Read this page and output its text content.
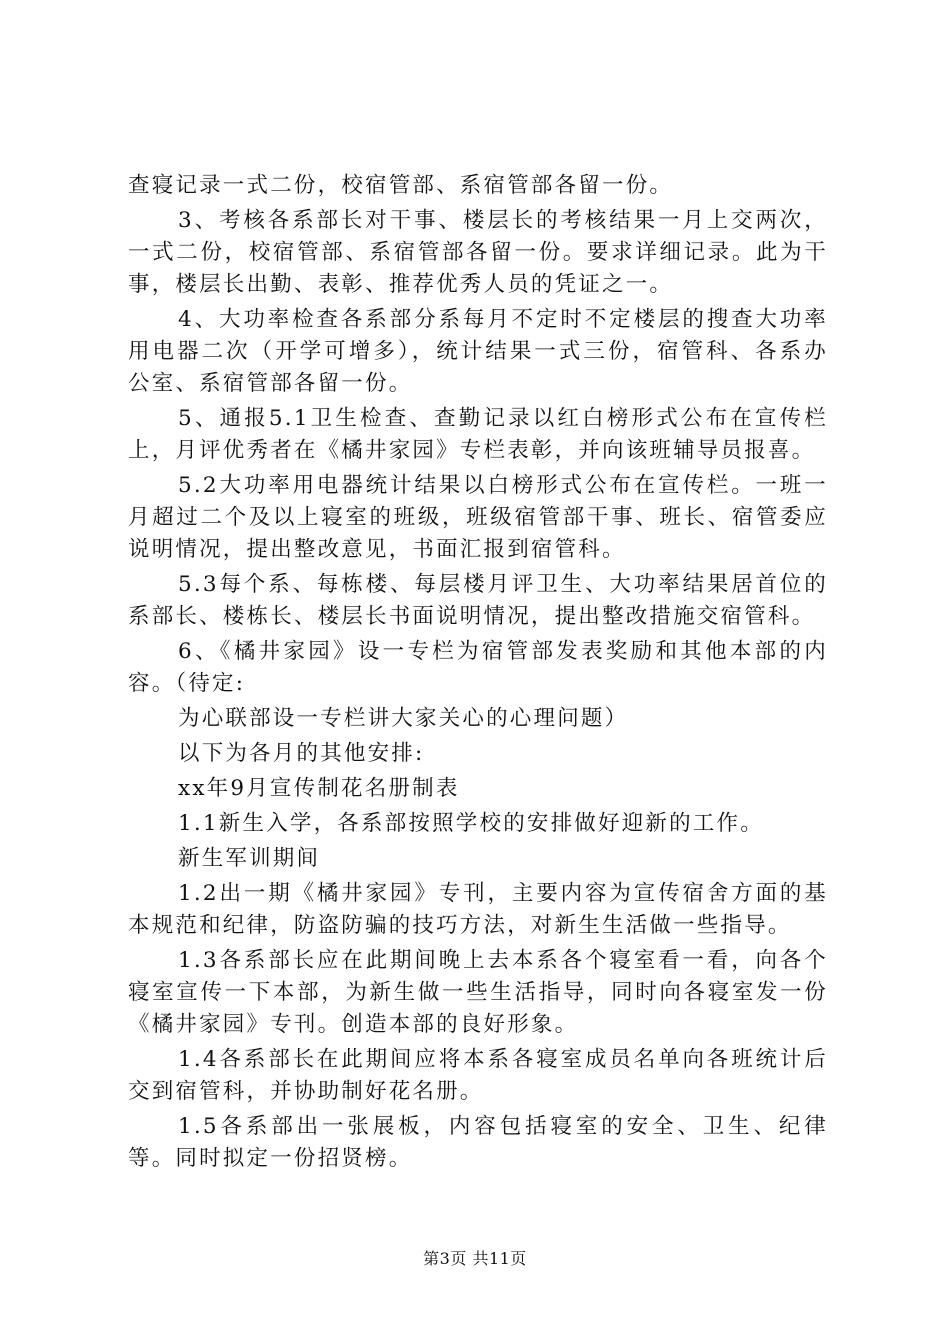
查寝记录一式二份，校宿管部、系宿管部各留一份。

3、考核各系部长对干事、楼层长的考核结果一月上交两次，一式二份，校宿管部、系宿管部各留一份。要求详细记录。此为干事，楼层长出勤、表彰、推荐优秀人员的凭证之一。

4、大功率检查各系部分系每月不定时不定楼层的搜查大功率用电器二次（开学可增多），统计结果一式三份，宿管科、各系办公室、系宿管部各留一份。

5、通报5.1卫生检查、查勤记录以红白榜形式公布在宣传栏上，月评优秀者在《橘井家园》专栏表彰，并向该班辅导员报喜。

5.2大功率用电器统计结果以白榜形式公布在宣传栏。一班一月超过二个及以上寝室的班级，班级宿管部干事、班长、宿管委应说明情况，提出整改意见，书面汇报到宿管科。

5.3每个系、每栋楼、每层楼月评卫生、大功率结果居首位的系部长、楼栋长、楼层长书面说明情况，提出整改措施交宿管科。

6、《橘井家园》设一专栏为宿管部发表奖励和其他本部的内容。（待定:

为心联部设一专栏讲大家关心的心理问题）

以下为各月的其他安排:

xx年9月宣传制花名册制表

1.1新生入学，各系部按照学校的安排做好迎新的工作。

新生军训期间

1.2出一期《橘井家园》专刊，主要内容为宣传宿舍方面的基本规范和纪律，防盗防骗的技巧方法，对新生生活做一些指导。

1.3各系部长应在此期间晚上去本系各个寝室看一看，向各个寝室宣传一下本部，为新生做一些生活指导，同时向各寝室发一份《橘井家园》专刊。创造本部的良好形象。

1.4各系部长在此期间应将本系各寝室成员名单向各班统计后交到宿管科，并协助制好花名册。

1.5各系部出一张展板，内容包括寝室的安全、卫生、纪律等。同时拟定一份招贤榜。

第3页 共11页
